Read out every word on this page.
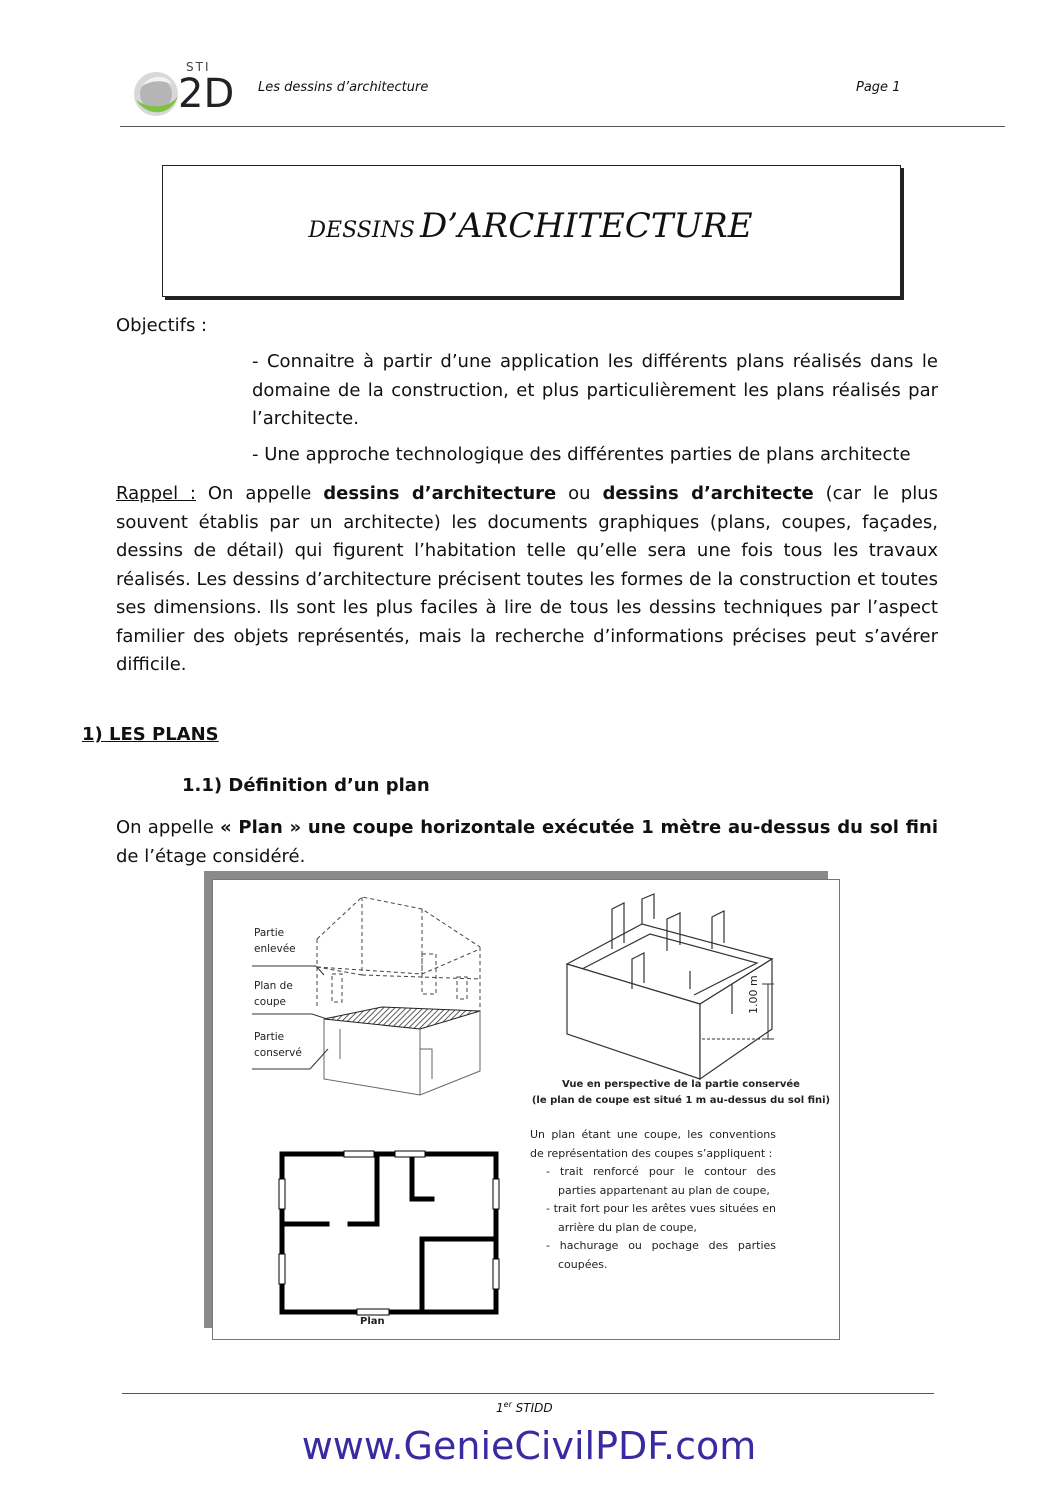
STI
2D Les dessins d’architecture	Page 1
DESSINS D’ARCHITECTURE
Objectifs :
- Connaitre à partir d’une application les différents plans réalisés dans le domaine de la construction, et plus particulièrement les plans réalisés par l’architecte.
- Une approche technologique des différentes parties de plans architecte
Rappel : On appelle dessins d’architecture ou dessins d’architecte (car le plus souvent établis par un architecte) les documents graphiques (plans, coupes, façades, dessins de détail) qui figurent l’habitation telle qu’elle sera une fois tous les travaux réalisés. Les dessins d’architecture précisent toutes les formes de la construction et toutes ses dimensions. Ils sont les plus faciles à lire de tous les dessins techniques par l’aspect familier des objets représentés, mais la recherche d’informations précises peut s’avérer difficile.
1) LES PLANS
1.1) Définition d’un plan
On appelle « Plan » une coupe horizontale exécutée 1 mètre au-dessus du sol fini de l’étage considéré.
Partie
enlevée
Plan de
coupe
Partie
conservé
1.00 m
Vue en perspective de la partie conservée
(le plan de coupe est situé 1 m au-dessus du sol fini)
Un plan étant une coupe, les conventions de représentation des coupes s’appliquent :
- trait renforcé pour le contour des parties appartenant au plan de coupe,
- trait fort pour les arêtes vues situées en arrière du plan de coupe,
- hachurage ou pochage des parties coupées.
Plan
1er STIDD
www.GenieCivilPDF.com
